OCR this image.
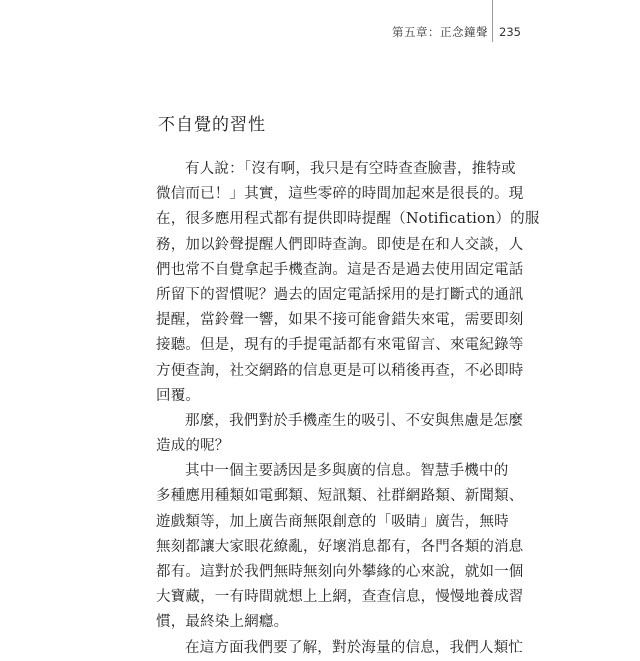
第五章：正念鐘聲 235
不自覺的習性
有人說：「沒有啊，我只是有空時查查臉書，推特或
微信而已！」其實，這些零碎的時間加起來是很長的。現
在，很多應用程式都有提供即時提醒（Notification）的服
務，加以鈴聲提醒人們即時查詢。即使是在和人交談，人
們也常不自覺拿起手機查詢。這是否是過去使用固定電話
所留下的習慣呢？過去的固定電話採用的是打斷式的通訊
提醒，當鈴聲一響，如果不接可能會錯失來電，需要即刻
接聽。但是，現有的手提電話都有來電留言、來電紀錄等
方便查詢，社交網路的信息更是可以稍後再查，不必即時
回覆。
那麼，我們對於手機產生的吸引、不安與焦慮是怎麼
造成的呢？
其中一個主要誘因是多與廣的信息。智慧手機中的
多種應用種類如電郵類、短訊類、社群網路類、新聞類、
遊戲類等，加上廣告商無限創意的「吸睛」廣告，無時
無刻都讓大家眼花繚亂，好壞消息都有，各門各類的消息
都有。這對於我們無時無刻向外攀緣的心來說，就如一個
大寶藏，一有時間就想上上網，查查信息，慢慢地養成習
慣，最終染上網癮。
在這方面我們要了解，對於海量的信息，我們人類忙
